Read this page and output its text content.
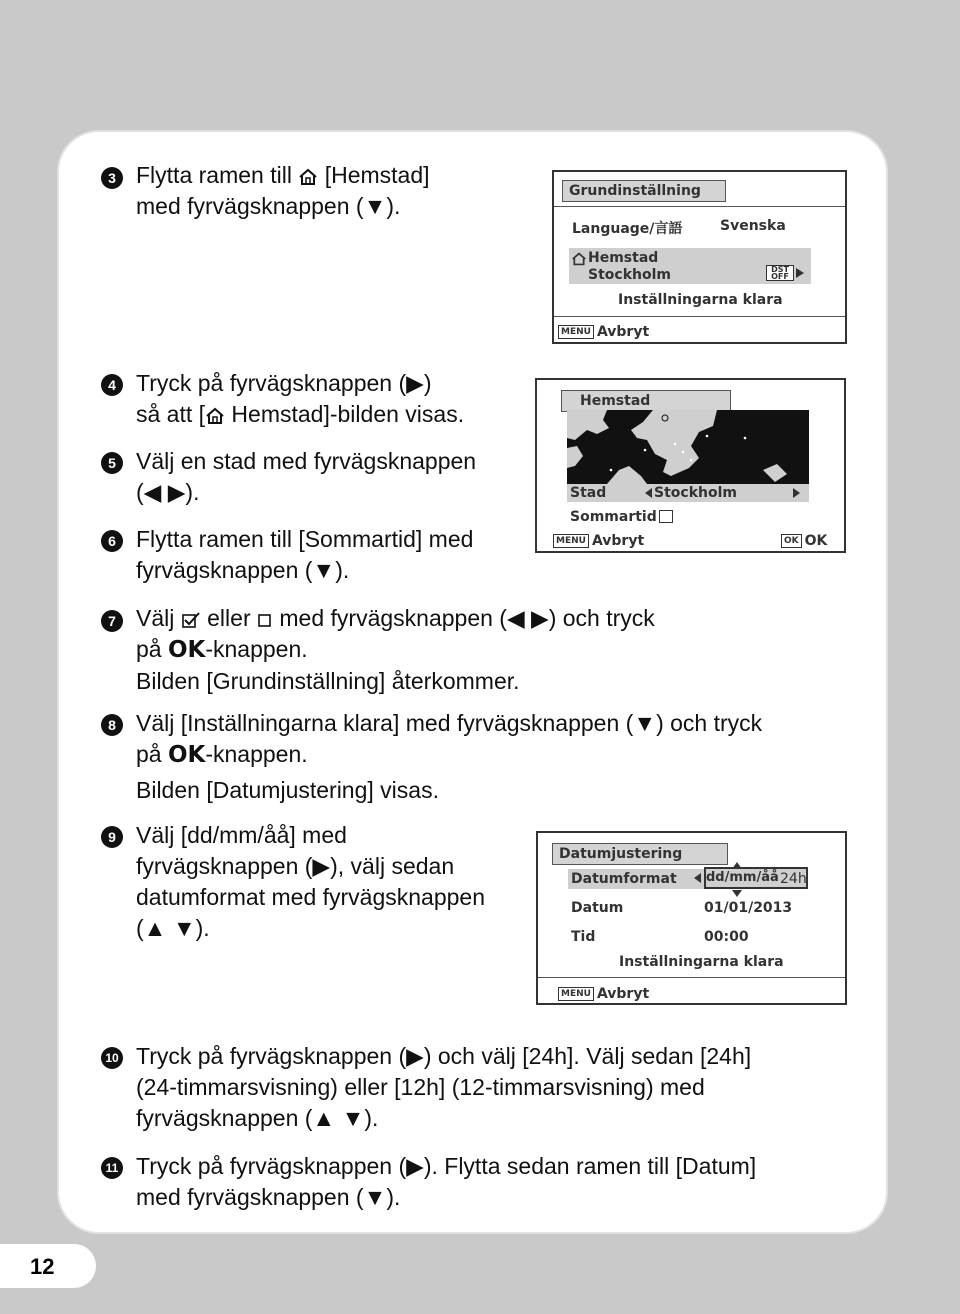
3 Flytta ramen till  [Hemstad]
med fyrvägsknappen (▼).
Grundinställning
Language/言語	Svenska
Hemstad
Stockholm	DST
OFF
Inställningarna klara
MENU Avbryt
4 Tryck på fyrvägsknappen (▶)
så att [ Hemstad]-bilden visas.
5 Välj en stad med fyrvägsknappen
(◀ ▶).
6 Flytta ramen till [Sommartid] med
fyrvägsknappen (▼).
Hemstad
Stad	Stockholm
Sommartid
MENU Avbryt	OK OK
7 Välj  eller  med fyrvägsknappen (◀ ▶) och tryck
på OK-knappen.
Bilden [Grundinställning] återkommer.
8 Välj [Inställningarna klara] med fyrvägsknappen (▼) och tryck
på OK-knappen.
Bilden [Datumjustering] visas.
9 Välj [dd/mm/åå] med
fyrvägsknappen (▶), välj sedan
datumformat med fyrvägsknappen
(▲ ▼).
Datumjustering
Datumformat dd/mm/åå 24h
Datum	01/01/2013
Tid	00:00
Inställningarna klara
MENU Avbryt
10 Tryck på fyrvägsknappen (▶) och välj [24h]. Välj sedan [24h]
(24-timmarsvisning) eller [12h] (12-timmarsvisning) med
fyrvägsknappen (▲ ▼).
11 Tryck på fyrvägsknappen (▶). Flytta sedan ramen till [Datum]
med fyrvägsknappen (▼).
12
